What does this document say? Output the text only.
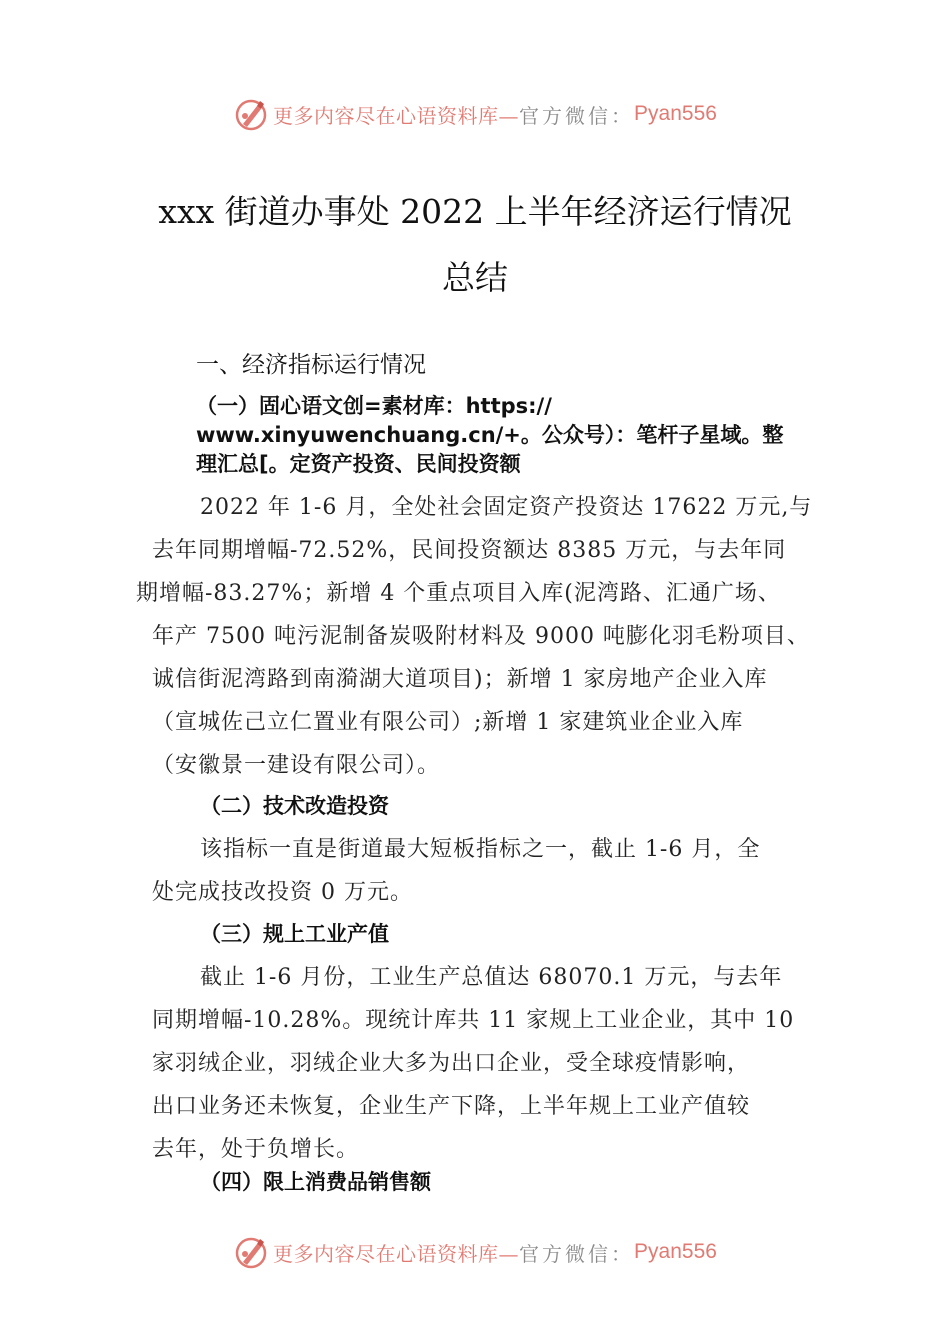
更多内容尽在心语资料库— 官方微信： Pyan556
xxx 街道办事处 2022 上半年经济运行情况
总结
一、经济指标运行情况
（一）固心语文创=素材库：https://
www.xinyuwenchuang.cn/+。公众号）：笔杆子星域。整
理汇总[。定资产投资、民间投资额
2022 年 1-6 月，全处社会固定资产投资达 17622 万元,与
去年同期增幅-72.52%，民间投资额达 8385 万元，与去年同
期增幅-83.27%；新增 4 个重点项目入库(泥湾路、汇通广场、
年产 7500 吨污泥制备炭吸附材料及 9000 吨膨化羽毛粉项目、
诚信街泥湾路到南漪湖大道项目)；新增 1 家房地产企业入库
（宣城佐己立仁置业有限公司）;新增 1 家建筑业企业入库
（安徽景一建设有限公司）。
（二）技术改造投资
该指标一直是街道最大短板指标之一，截止 1-6 月，全
处完成技改投资 0 万元。
（三）规上工业产值
截止 1-6 月份，工业生产总值达 68070.1 万元，与去年
同期增幅-10.28%。现统计库共 11 家规上工业企业，其中 10
家羽绒企业，羽绒企业大多为出口企业，受全球疫情影响，
出口业务还未恢复，企业生产下降，上半年规上工业产值较
去年，处于负增长。
（四）限上消费品销售额
更多内容尽在心语资料库— 官方微信： Pyan556
